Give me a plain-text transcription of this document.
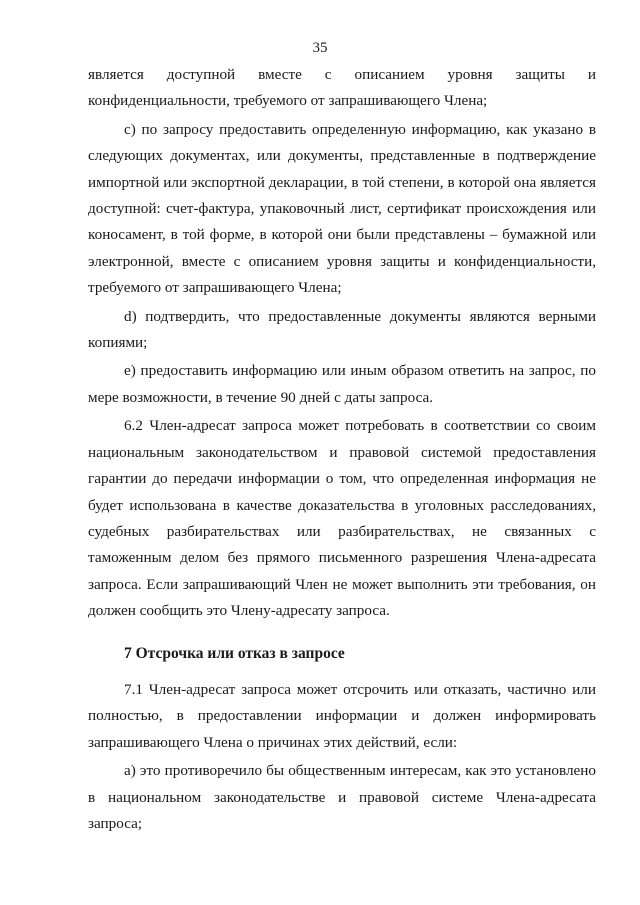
35

является доступной вместе с описанием уровня защиты и конфиденциальности, требуемого от запрашивающего Члена;

c) по запросу предоставить определенную информацию, как указано в следующих документах, или документы, представленные в подтверждение импортной или экспортной декларации, в той степени, в которой она является доступной: счет-фактура, упаковочный лист, сертификат происхождения или коносамент, в той форме, в которой они были представлены – бумажной или электронной, вместе с описанием уровня защиты и конфиденциальности, требуемого от запрашивающего Члена;

d) подтвердить, что предоставленные документы являются верными копиями;

e) предоставить информацию или иным образом ответить на запрос, по мере возможности, в течение 90 дней с даты запроса.

6.2 Член-адресат запроса может потребовать в соответствии со своим национальным законодательством и правовой системой предоставления гарантии до передачи информации о том, что определенная информация не будет использована в качестве доказательства в уголовных расследованиях, судебных разбирательствах или разбирательствах, не связанных с таможенным делом без прямого письменного разрешения Члена-адресата запроса. Если запрашивающий Член не может выполнить эти требования, он должен сообщить это Члену-адресату запроса.

7 Отсрочка или отказ в запросе

7.1 Член-адресат запроса может отсрочить или отказать, частично или полностью, в предоставлении информации и должен информировать запрашивающего Члена о причинах этих действий, если:

a) это противоречило бы общественным интересам, как это установлено в национальном законодательстве и правовой системе Члена-адресата запроса;
